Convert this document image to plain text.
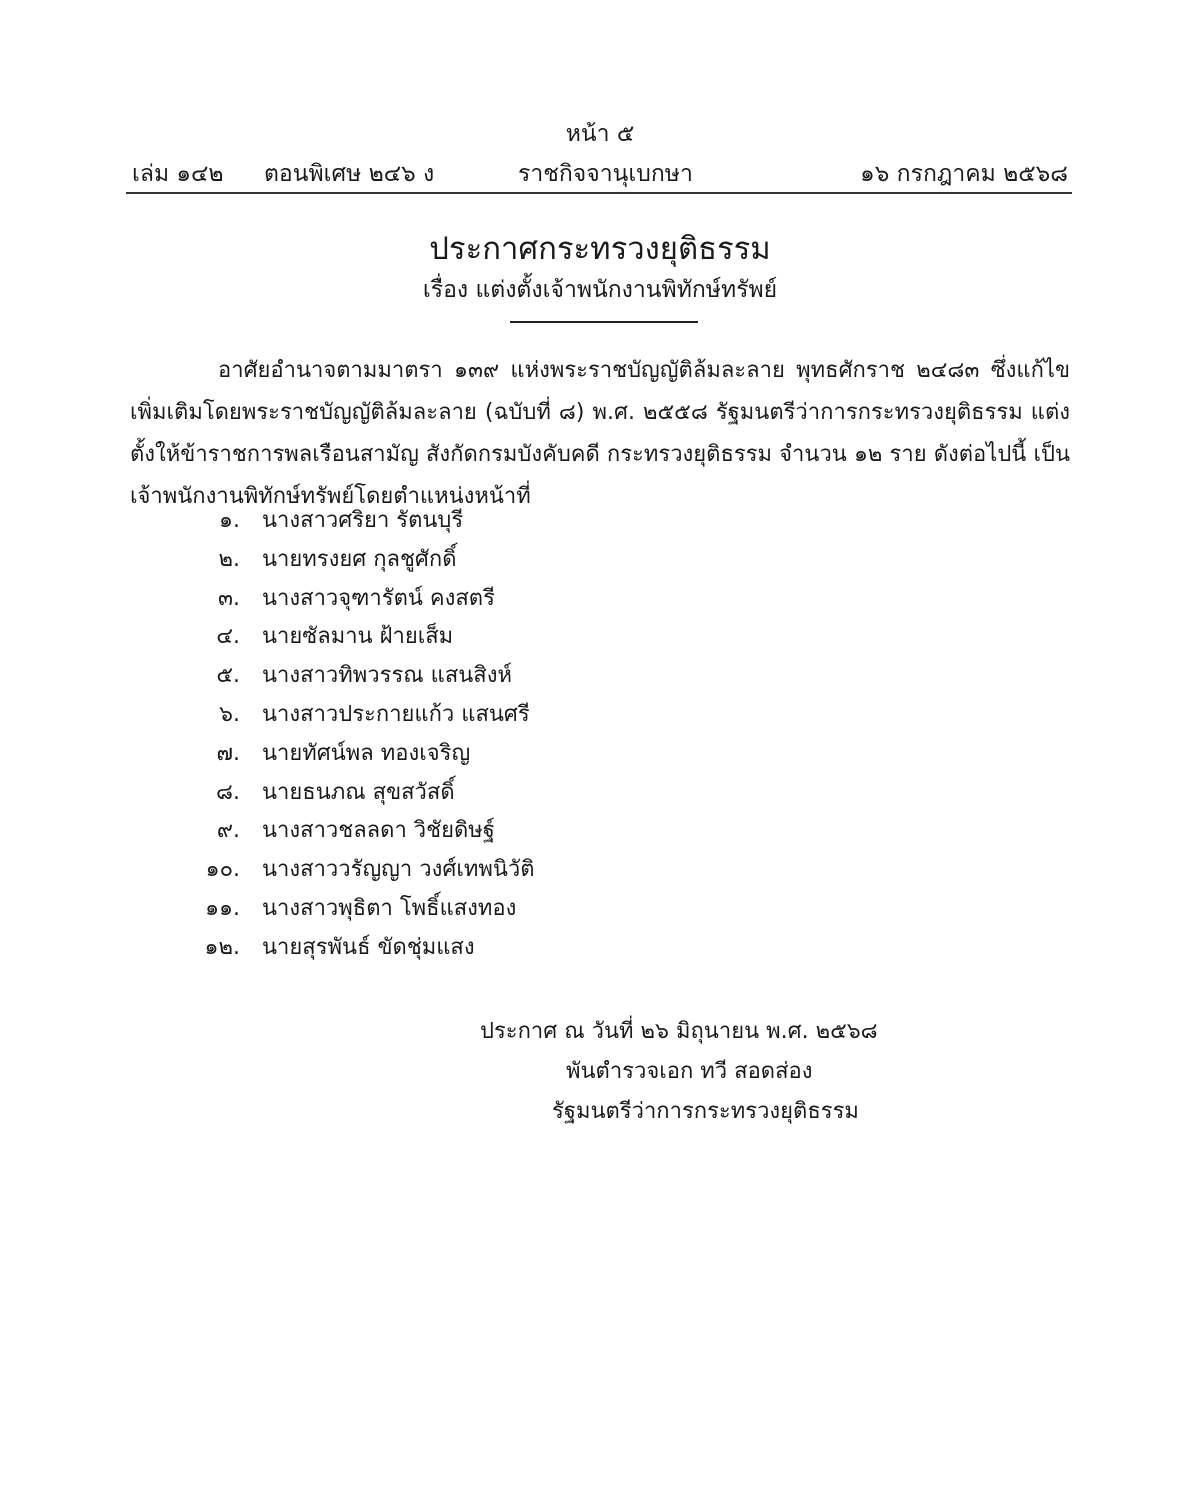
หน้า ๕
เล่ม ๑๔๒ ตอนพิเศษ ๒๔๖ ง	ราชกิจจานุเบกษา	๑๖ กรกฎาคม ๒๕๖๘
ประกาศกระทรวงยุติธรรม
เรื่อง แต่งตั้งเจ้าพนักงานพิทักษ์ทรัพย์

อาศัยอำนาจตามมาตรา ๑๓๙ แห่งพระราชบัญญัติล้มละลาย พุทธศักราช ๒๔๘๓ ซึ่งแก้ไขเพิ่มเติมโดยพระราชบัญญัติล้มละลาย (ฉบับที่ ๘) พ.ศ. ๒๕๕๘ รัฐมนตรีว่าการกระทรวงยุติธรรม แต่งตั้งให้ข้าราชการพลเรือนสามัญ สังกัดกรมบังคับคดี กระทรวงยุติธรรม จำนวน ๑๒ ราย ดังต่อไปนี้ เป็นเจ้าพนักงานพิทักษ์ทรัพย์โดยตำแหน่งหน้าที่

๑. นางสาวศริยา รัตนบุรี
๒. นายทรงยศ กุลชูศักดิ์
๓. นางสาวจุฑารัตน์ คงสตรี
๔. นายซัลมาน ฝ้ายเส็ม
๕. นางสาวทิพวรรณ แสนสิงห์
๖. นางสาวประกายแก้ว แสนศรี
๗. นายทัศน์พล ทองเจริญ
๘. นายธนภณ สุขสวัสดิ์
๙. นางสาวชลลดา วิชัยดิษฐ์
๑๐. นางสาววรัญญา วงศ์เทพนิวัติ
๑๑. นางสาวพุธิตา โพธิ์แสงทอง
๑๒. นายสุรพันธ์ ขัดชุ่มแสง
ประกาศ ณ วันที่ ๒๖ มิถุนายน พ.ศ. ๒๕๖๘
พันตำรวจเอก ทวี สอดส่อง
รัฐมนตรีว่าการกระทรวงยุติธรรม
